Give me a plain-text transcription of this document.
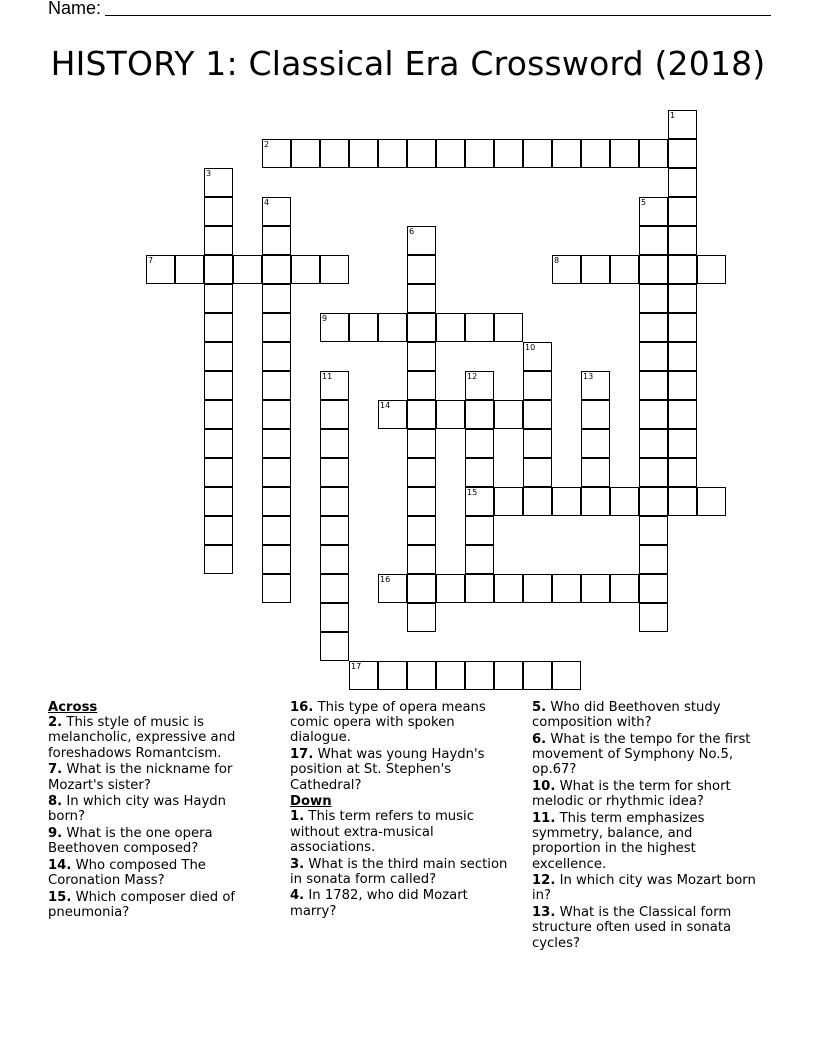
Name:
HISTORY 1: Classical Era Crossword (2018)
1
2
3
4	5
6
7	8
9
10
11	12
15
13
14
16
17
Across
2. This style of music is melancholic, expressive and foreshadows Romantcism.
7. What is the nickname for Mozart's sister?
8. In which city was Haydn born?
9. What is the one opera Beethoven composed?
14. Who composed The Coronation Mass?
15. Which composer died of pneumonia?
16. This type of opera means comic opera with spoken dialogue.
17. What was young Haydn's position at St. Stephen's Cathedral?
Down
1. This term refers to music without extra-musical associations.
3. What is the third main section in sonata form called?
4. In 1782, who did Mozart marry?
5. Who did Beethoven study composition with?
6. What is the tempo for the first movement of Symphony No.5, op.67?
10. What is the term for short melodic or rhythmic idea?
11. This term emphasizes symmetry, balance, and proportion in the highest excellence.
12. In which city was Mozart born in?
13. What is the Classical form structure often used in sonata cycles?
